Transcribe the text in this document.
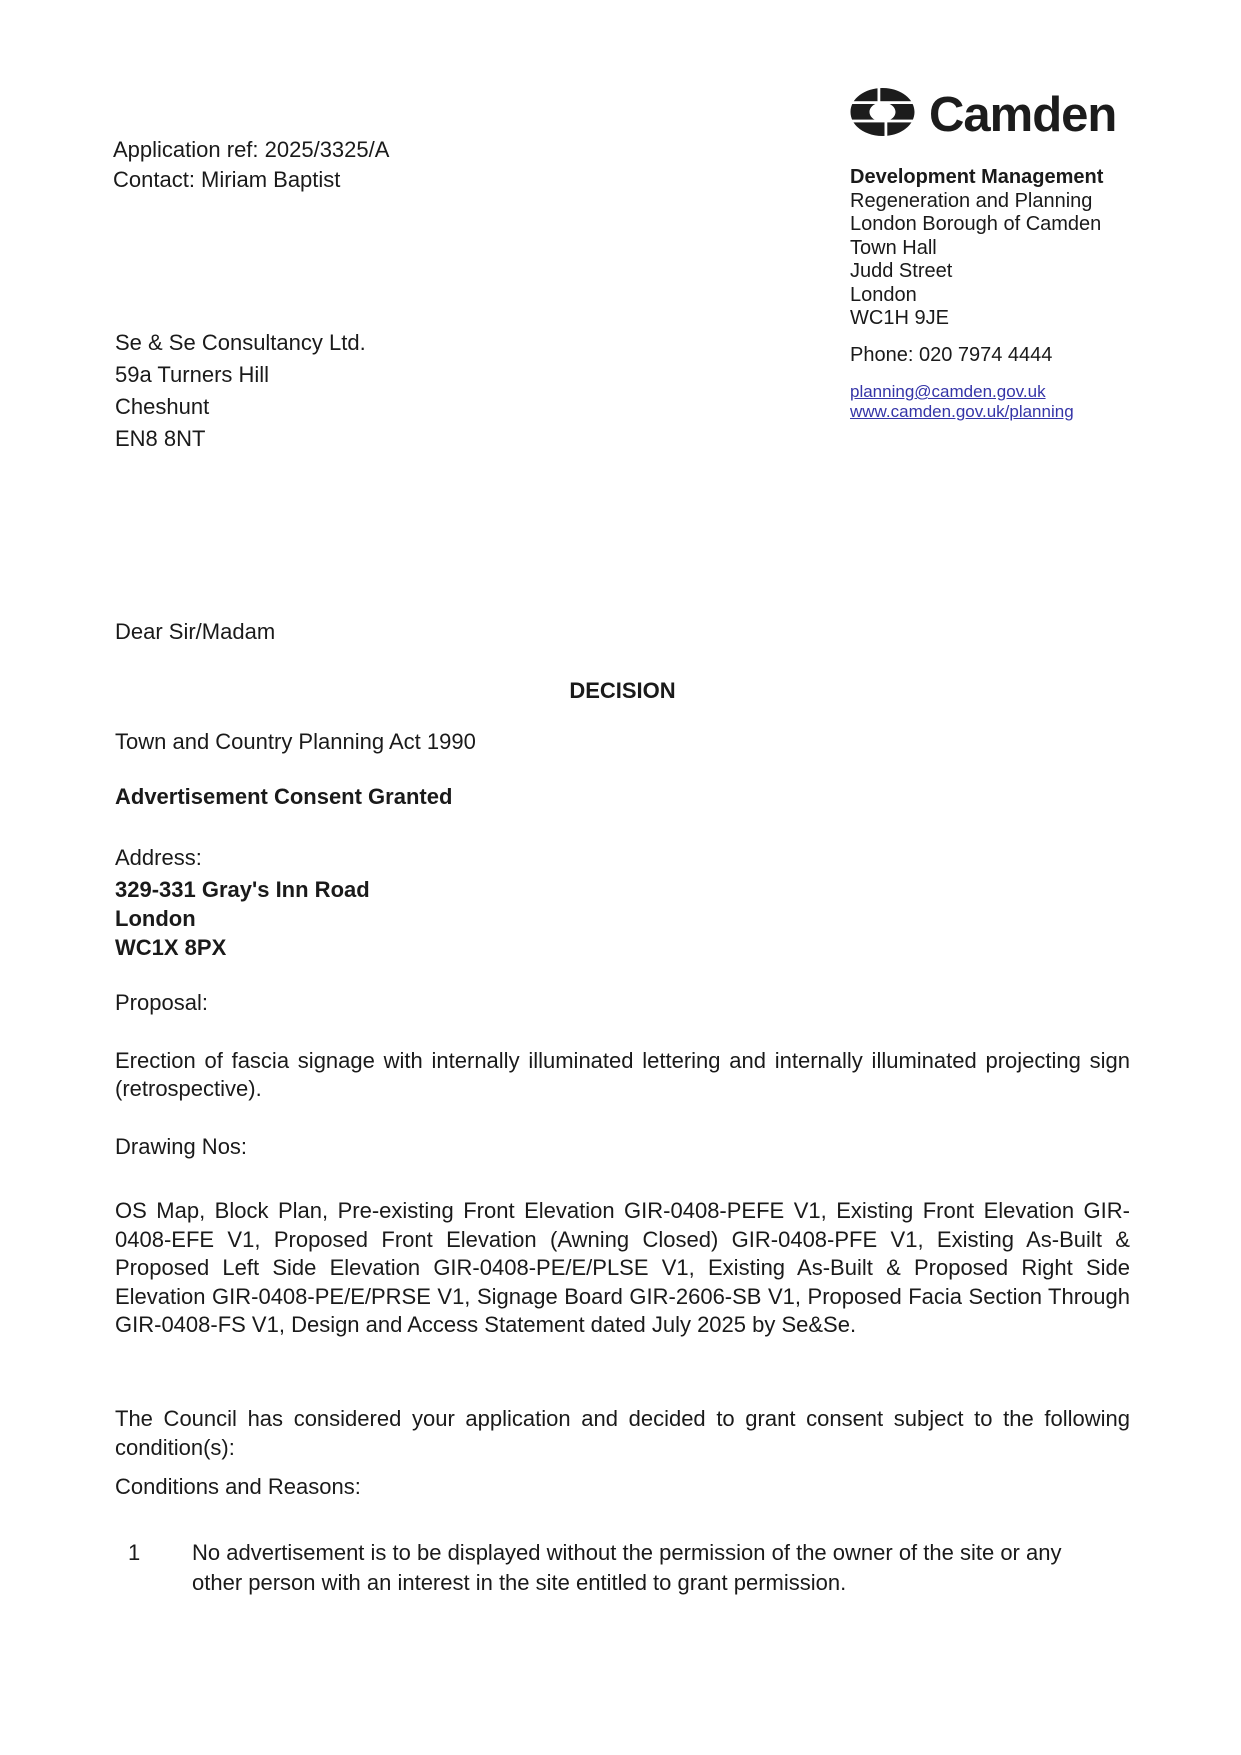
Application ref: 2025/3325/A
Contact: Miriam Baptist
Camden
Development Management
Regeneration and Planning
London Borough of Camden
Town Hall
Judd Street
London
WC1H 9JE
Phone: 020 7974 4444
planning@camden.gov.uk
www.camden.gov.uk/planning
Se & Se Consultancy Ltd.
59a Turners Hill
Cheshunt
EN8 8NT
Dear Sir/Madam
DECISION
Town and Country Planning Act 1990
Advertisement Consent Granted
Address:
329-331 Gray's Inn Road
London
WC1X 8PX
Proposal:
Erection of fascia signage with internally illuminated lettering and internally illuminated projecting sign (retrospective).
Drawing Nos:
OS Map, Block Plan, Pre-existing Front Elevation GIR-0408-PEFE V1, Existing Front Elevation GIR-0408-EFE V1, Proposed Front Elevation (Awning Closed) GIR-0408-PFE V1, Existing As-Built & Proposed Left Side Elevation GIR-0408-PE/E/PLSE V1, Existing As-Built & Proposed Right Side Elevation GIR-0408-PE/E/PRSE V1, Signage Board GIR-2606-SB V1, Proposed Facia Section Through GIR-0408-FS V1, Design and Access Statement dated July 2025 by Se&Se.
The Council has considered your application and decided to grant consent subject to the following condition(s):
Conditions and Reasons:
1	No advertisement is to be displayed without the permission of the owner of the site or any other person with an interest in the site entitled to grant permission.
